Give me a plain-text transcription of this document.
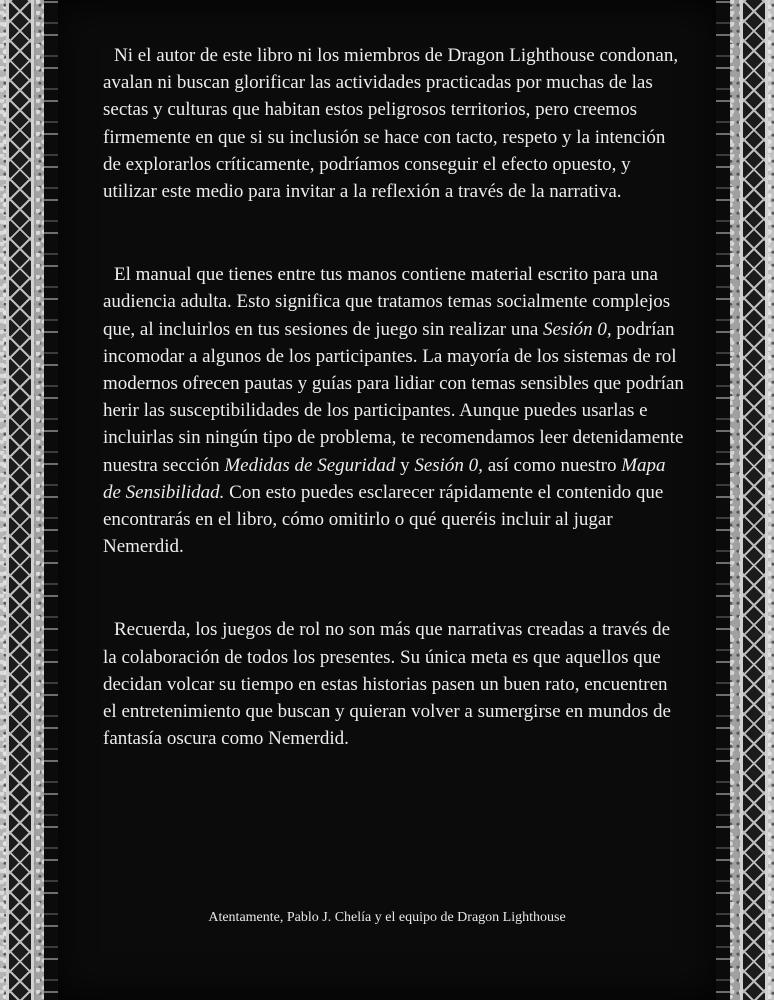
Ni el autor de este libro ni los miembros de Dragon Lighthouse condonan, avalan ni buscan glorificar las actividades practicadas por muchas de las sectas y culturas que habitan estos peligrosos territorios, pero creemos firmemente en que si su inclusión se hace con tacto, respeto y la intención de explorarlos críticamente, podríamos conseguir el efecto opuesto, y utilizar este medio para invitar a la reflexión a través de la narrativa.

El manual que tienes entre tus manos contiene material escrito para una audiencia adulta. Esto significa que tratamos temas socialmente complejos que, al incluirlos en tus sesiones de juego sin realizar una Sesión 0, podrían incomodar a algunos de los participantes. La mayoría de los sistemas de rol modernos ofrecen pautas y guías para lidiar con temas sensibles que podrían herir las susceptibilidades de los participantes. Aunque puedes usarlas e incluirlas sin ningún tipo de problema, te recomendamos leer detenidamente nuestra sección Medidas de Seguridad y Sesión 0, así como nuestro Mapa de Sensibilidad. Con esto puedes esclarecer rápidamente el contenido que encontrarás en el libro, cómo omitirlo o qué queréis incluir al jugar Nemerdid.

Recuerda, los juegos de rol no son más que narrativas creadas a través de la colaboración de todos los presentes. Su única meta es que aquellos que decidan volcar su tiempo en estas historias pasen un buen rato, encuentren el entretenimiento que buscan y quieran volver a sumergirse en mundos de fantasía oscura como Nemerdid.

Atentamente, Pablo J. Chelía y el equipo de Dragon Lighthouse
